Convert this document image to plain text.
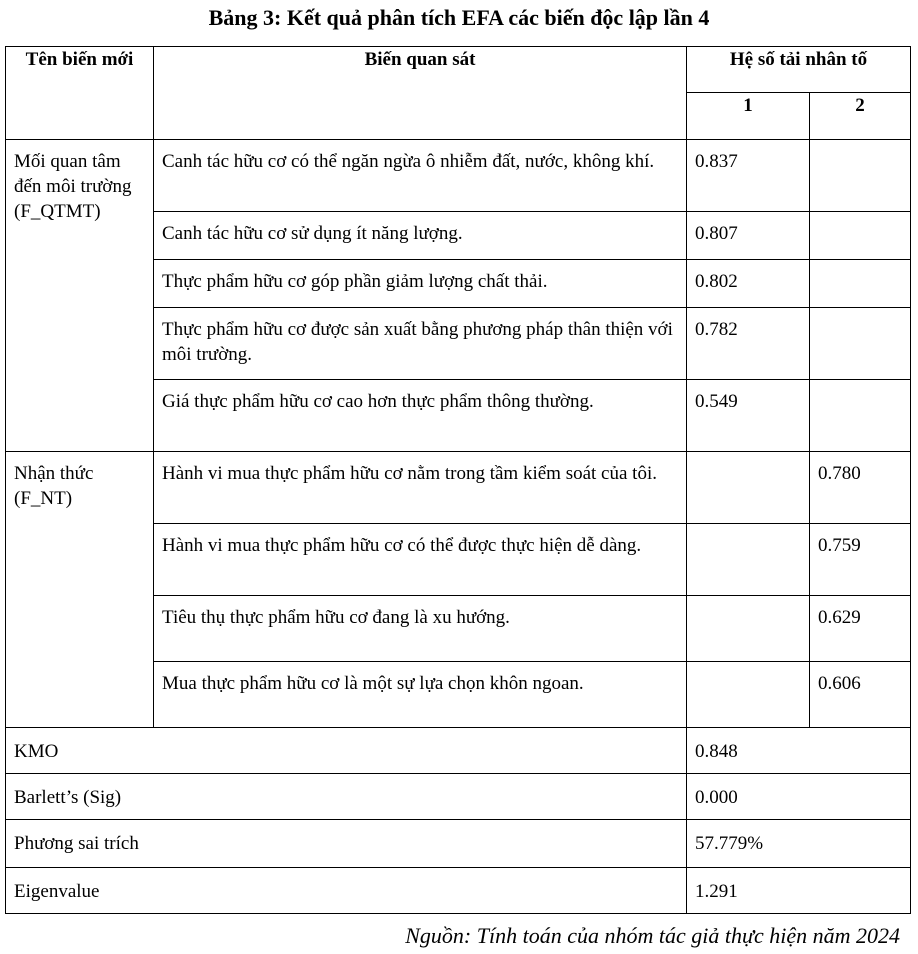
Bảng 3: Kết quả phân tích EFA các biến độc lập lần 4
Tên biến mới	Biến quan sát	Hệ số tải nhân tố	
		1	2

Mối quan tâm đến môi trường (F_QTMT)	Canh tác hữu cơ có thể ngăn ngừa ô nhiễm đất, nước, không khí.	0.837	

	Canh tác hữu cơ sử dụng ít năng lượng.	0.807	

	Thực phẩm hữu cơ góp phần giảm lượng chất thải.	0.802	

	Thực phẩm hữu cơ được sản xuất bằng phương pháp thân thiện với môi trường.	0.782	

	Giá thực phẩm hữu cơ cao hơn thực phẩm thông thường.	0.549	

Nhận thức (F_NT)	Hành vi mua thực phẩm hữu cơ nằm trong tầm kiểm soát của tôi.		0.780

	Hành vi mua thực phẩm hữu cơ có thể được thực hiện dễ dàng.		0.759

	Tiêu thụ thực phẩm hữu cơ đang là xu hướng.		0.629

	Mua thực phẩm hữu cơ là một sự lựa chọn khôn ngoan.		0.606

KMO		0.848	

Barlett’s (Sig)		0.000	

Phương sai trích		57.779%	

Eigenvalue		1.291	
Nguồn: Tính toán của nhóm tác giả thực hiện năm 2024
